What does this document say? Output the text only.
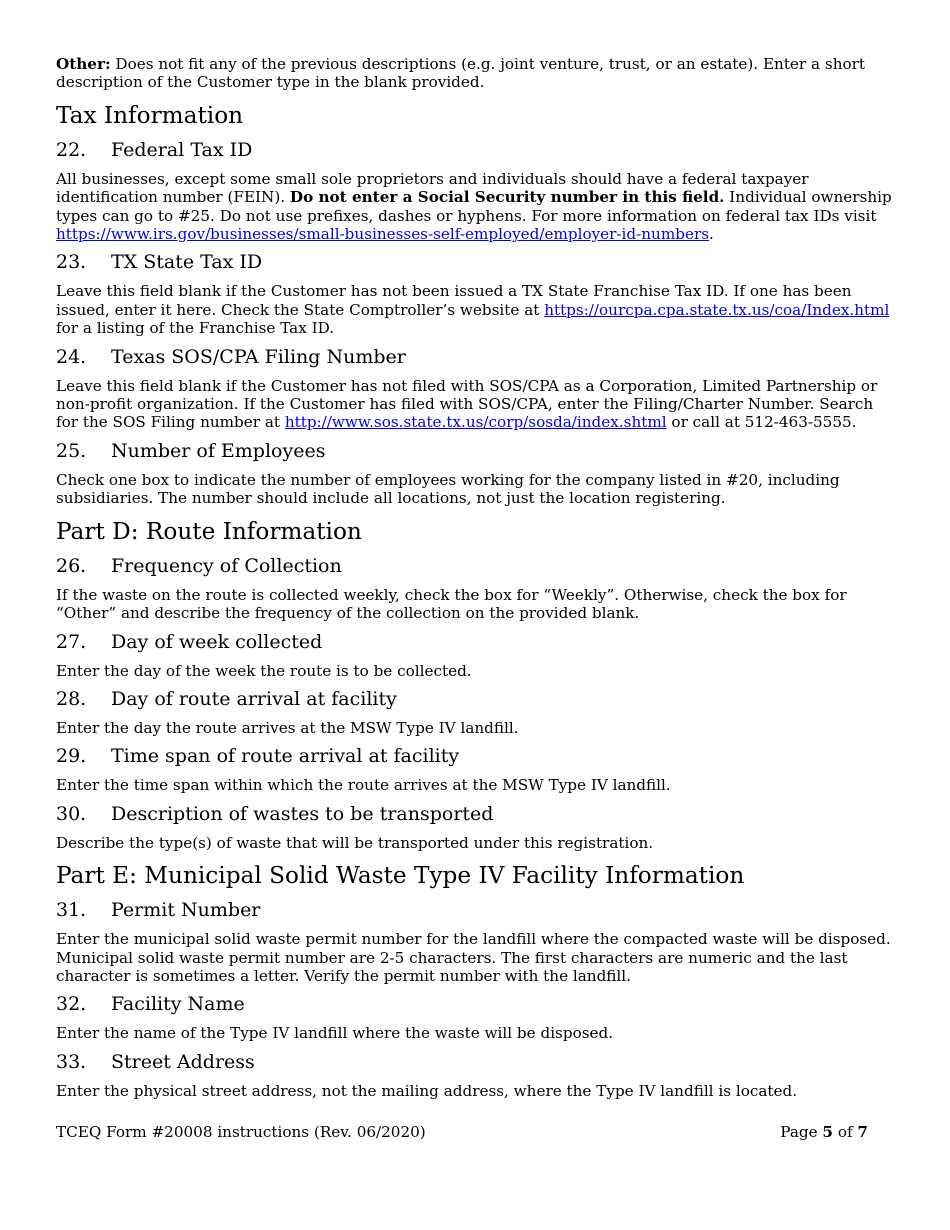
Other: Does not fit any of the previous descriptions (e.g. joint venture, trust, or an estate). Enter a short description of the Customer type in the blank provided.

Tax Information
22.	Federal Tax ID

All businesses, except some small sole proprietors and individuals should have a federal taxpayer identification number (FEIN). Do not enter a Social Security number in this field. Individual ownership types can go to #25. Do not use prefixes, dashes or hyphens. For more information on federal tax IDs visit https://www.irs.gov/businesses/small-businesses-self-employed/employer-id-numbers.

23.	TX State Tax ID

Leave this field blank if the Customer has not been issued a TX State Franchise Tax ID. If one has been issued, enter it here. Check the State Comptroller’s website at https://ourcpa.cpa.state.tx.us/coa/Index.html for a listing of the Franchise Tax ID.

24.	Texas SOS/CPA Filing Number

Leave this field blank if the Customer has not filed with SOS/CPA as a Corporation, Limited Partnership or non-profit organization. If the Customer has filed with SOS/CPA, enter the Filing/Charter Number. Search for the SOS Filing number at http://www.sos.state.tx.us/corp/sosda/index.shtml or call at 512-463-5555.

25.	Number of Employees

Check one box to indicate the number of employees working for the company listed in #20, including subsidiaries. The number should include all locations, not just the location registering.

Part D: Route Information
26.	Frequency of Collection

If the waste on the route is collected weekly, check the box for “Weekly”. Otherwise, check the box for “Other” and describe the frequency of the collection on the provided blank.

27.	Day of week collected

Enter the day of the week the route is to be collected.

28.	Day of route arrival at facility

Enter the day the route arrives at the MSW Type IV landfill.

29.	Time span of route arrival at facility

Enter the time span within which the route arrives at the MSW Type IV landfill.

30.	Description of wastes to be transported

Describe the type(s) of waste that will be transported under this registration.

Part E: Municipal Solid Waste Type IV Facility Information
31.	Permit Number

Enter the municipal solid waste permit number for the landfill where the compacted waste will be disposed. Municipal solid waste permit number are 2-5 characters. The first characters are numeric and the last character is sometimes a letter. Verify the permit number with the landfill.

32.	Facility Name

Enter the name of the Type IV landfill where the waste will be disposed.

33.	Street Address

Enter the physical street address, not the mailing address, where the Type IV landfill is located.

TCEQ Form #20008 instructions (Rev. 06/2020)	Page 5 of 7
